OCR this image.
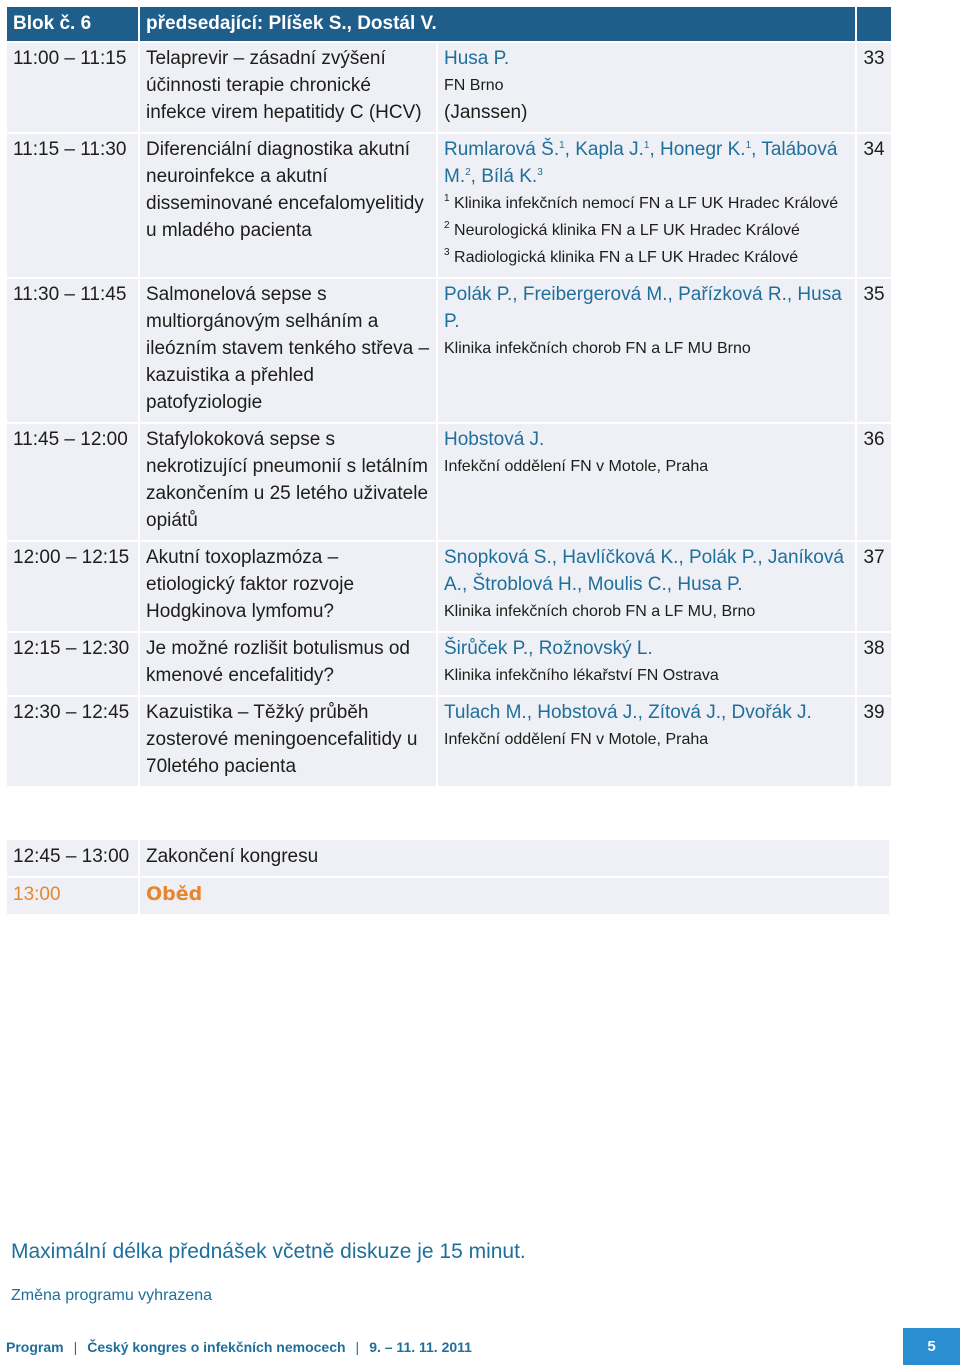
Blok č. 6	předsedající: Plíšek S., Dostál V.		
11:00 – 11:15	Telaprevir – zásadní zvýšení účinnosti terapie chronické infekce virem hepatitidy C (HCV)	Husa P.
FN Brno
(Janssen)	33
11:15 – 11:30	Diferenciální diagnostika akutní neuroinfekce a akutní disseminované encefalomyelitidy u mladého pacienta	Rumlarová Š.$^1$, Kapla J.$^1$, Honegr K.$^1$, Talábová M.$^2$, Bílá K.$^3$
$^1$ Klinika infekčních nemocí FN a LF UK Hradec Králové
$^2$ Neurologická klinika FN a LF UK Hradec Králové
$^3$ Radiologická klinika FN a LF UK Hradec Králové	34
11:30 – 11:45	Salmonelová sepse s multiorgánovým selháním a ileózním stavem tenkého střeva – kazuistika a přehled patofyziologie	Polák P., Freibergerová M., Pařízková R., Husa P.
Klinika infekčních chorob FN a LF MU Brno	35
11:45 – 12:00	Stafylokoková sepse s nekrotizující pneumonií s letálním zakončením u 25 letého uživatele opiátů	Hobstová J.
Infekční oddělení FN v Motole, Praha	36
12:00 – 12:15	Akutní toxoplazmóza – etiologický faktor rozvoje Hodgkinova lymfomu?	Snopková S., Havlíčková K., Polák P., Janíková A., Štroblová H., Moulis C., Husa P.
Klinika infekčních chorob FN a LF MU, Brno	37
12:15 – 12:30	Je možné rozlišit botulismus od kmenové encefalitidy?	Širůček P., Rožnovský L.
Klinika infekčního lékařství FN Ostrava	38
12:30 – 12:45	Kazuistika – Těžký průběh zosterové meningoencefalitidy u 70letého pacienta	Tulach M., Hobstová J., Zítová J., Dvořák J.
Infekční oddělení FN v Motole, Praha	39
12:45 – 13:00	Zakončení kongresu
13:00	Oběd
Maximální délka přednášek včetně diskuze je 15 minut.
Změna programu vyhrazena
Program | Český kongres o infekčních nemocech | 9. – 11. 11. 2011	5
